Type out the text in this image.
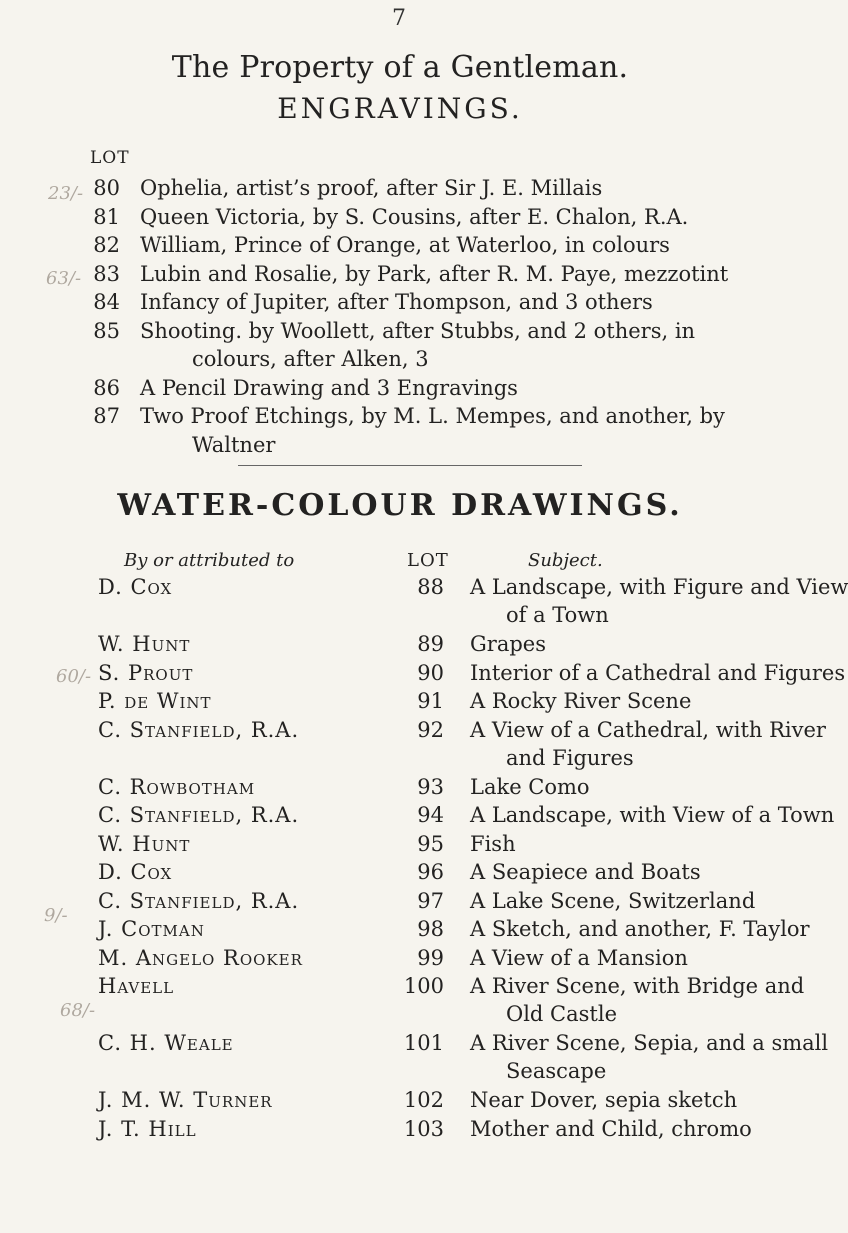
7
The Property of a Gentleman.
ENGRAVINGS.
LOT
80 Ophelia, artist’s proof, after Sir J. E. Millais
81 Queen Victoria, by S. Cousins, after E. Chalon, R.A.
82 William, Prince of Orange, at Waterloo, in colours
83 Lubin and Rosalie, by Park, after R. M. Paye, mezzotint
84 Infancy of Jupiter, after Thompson, and 3 others
85 Shooting. by Woollett, after Stubbs, and 2 others, in
colours, after Alken, 3
86 A Pencil Drawing and 3 Engravings
87 Two Proof Etchings, by M. L. Mempes, and another, by
Waltner
WATER-COLOUR DRAWINGS.
By or attributed to	LOT	Subject.
D. Cox	88 A Landscape, with Figure and View
of a Town
W. Hunt	89 Grapes
S. Prout	90 Interior of a Cathedral and Figures
P. de Wint	91 A Rocky River Scene
C. Stanfield, R.A.	92 A View of a Cathedral, with River
and Figures
C. Rowbotham	93 Lake Como
C. Stanfield, R.A.	94 A Landscape, with View of a Town
W. Hunt	95 Fish
D. Cox	96 A Seapiece and Boats
C. Stanfield, R.A.	97 A Lake Scene, Switzerland
J. Cotman	98 A Sketch, and another, F. Taylor
M. Angelo Rooker	99 A View of a Mansion
Havell	100 A River Scene, with Bridge and
Old Castle
C. H. Weale	101 A River Scene, Sepia, and a small
Seascape
J. M. W. Turner	102 Near Dover, sepia sketch
J. T. Hill	103 Mother and Child, chromo
23/-
63/-
60/-
9/-
68/-
